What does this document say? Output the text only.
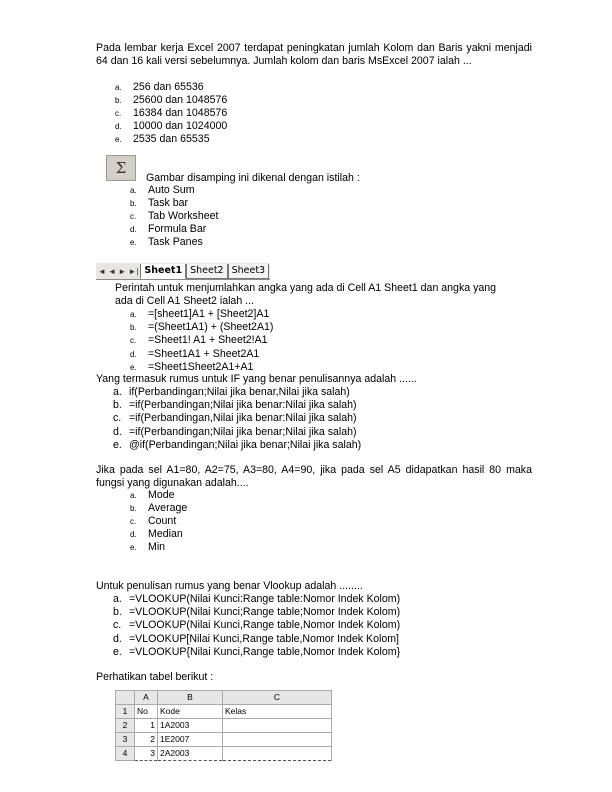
Pada lembar kerja Excel 2007 terdapat peningkatan jumlah Kolom dan Baris yakni menjadi 64 dan 16 kali versi sebelumnya. Jumlah kolom dan baris MsExcel 2007 ialah ...
a.	256 dan 65536
b.	25600 dan 1048576
c.	16384 dan 1048576
d.	10000 dan 1024000
e.	2535 dan 65535
Σ
Gambar disamping ini dikenal dengan istilah :
a.	Auto Sum
b.	Task bar
c.	Tab Worksheet
d.	Formula Bar
e.	Task Panes
◄ ◄ ► ►| Sheet1 Sheet2 Sheet3
Perintah untuk menjumlahkan angka yang ada di Cell A1 Sheet1 dan angka yang
ada di Cell A1 Sheet2 ialah ...
a.	=[sheet1]A1 + [Sheet2]A1
b.	=(Sheet1A1) + (Sheet2A1)
c.	=Sheet1! A1 + Sheet2!A1
d.	=Sheet1A1 + Sheet2A1
e.	=Sheet1Sheet2A1+A1
Yang termasuk rumus untuk IF yang benar penulisannya adalah ......
a. if(Perbandingan;Nilai jika benar,Nilai jika salah)
b. =if(Perbandingan;Nilai jika benar:Nilai jika salah)
c. =if(Perbandingan,Nilai jika benar:Nilai jika salah)
d. =if(Perbandingan;Nilai jika benar;Nilai jika salah)
e. @if(Perbandingan;Nilai jika benar;Nilai jika salah)
Jika pada sel A1=80, A2=75, A3=80, A4=90, jika pada sel A5 didapatkan hasil 80 maka fungsi yang digunakan adalah....
a.	Mode
b.	Average
c.	Count
d.	Median
e.	Min
Untuk penulisan rumus yang benar Vlookup adalah ........
a. =VLOOKUP(Nilai Kunci:Range table:Nomor Indek Kolom)
b. =VLOOKUP(Nilai Kunci;Range table;Nomor Indek Kolom)
c. =VLOOKUP(Nilai Kunci,Range table,Nomor Indek Kolom)
d. =VLOOKUP[Nilai Kunci,Range table,Nomor Indek Kolom]
e. =VLOOKUP{Nilai Kunci,Range table,Nomor Indek Kolom}
Perhatikan tabel berikut :
	A	B	C
1	No	Kode	Kelas
2	1	1A2003	
3	2	1E2007	
4	3	2A2003	
